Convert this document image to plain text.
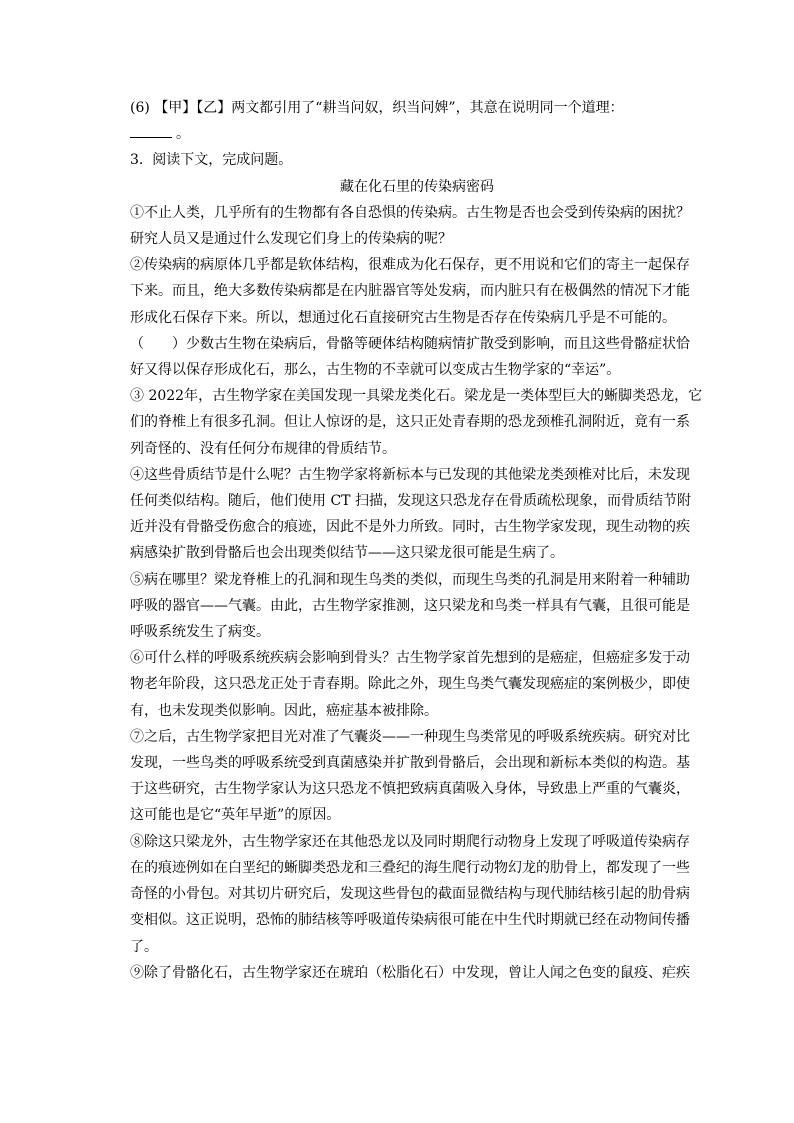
(6) 【甲】【乙】两文都引用了“耕当问奴，织当问婢”，其意在说明同一个道理：
。
3. 阅读下文，完成问题。
藏在化石里的传染病密码
①不止人类，几乎所有的生物都有各自恐惧的传染病。古生物是否也会受到传染病的困扰？
研究人员又是通过什么发现它们身上的传染病的呢？
②传染病的病原体几乎都是软体结构，很难成为化石保存，更不用说和它们的寄主一起保存
下来。而且，绝大多数传染病都是在内脏器官等处发病，而内脏只有在极偶然的情况下才能
形成化石保存下来。所以，想通过化石直接研究古生物是否存在传染病几乎是不可能的。
（　　）少数古生物在染病后，骨骼等硬体结构随病情扩散受到影响，而且这些骨骼症状恰
好又得以保存形成化石，那么，古生物的不幸就可以变成古生物学家的“幸运”。
③ 2022年，古生物学家在美国发现一具梁龙类化石。梁龙是一类体型巨大的蜥脚类恐龙，它
们的脊椎上有很多孔洞。但让人惊讶的是，这只正处青春期的恐龙颈椎孔洞附近，竟有一系
列奇怪的、没有任何分布规律的骨质结节。
④这些骨质结节是什么呢？古生物学家将新标本与已发现的其他梁龙类颈椎对比后，未发现
任何类似结构。随后，他们使用 CT 扫描，发现这只恐龙存在骨质疏松现象，而骨质结节附
近并没有骨骼受伤愈合的痕迹，因此不是外力所致。同时，古生物学家发现，现生动物的疾
病感染扩散到骨骼后也会出现类似结节——这只梁龙很可能是生病了。
⑤病在哪里？梁龙脊椎上的孔洞和现生鸟类的类似，而现生鸟类的孔洞是用来附着一种辅助
呼吸的器官——气囊。由此，古生物学家推测，这只梁龙和鸟类一样具有气囊，且很可能是
呼吸系统发生了病变。
⑥可什么样的呼吸系统疾病会影响到骨头？古生物学家首先想到的是癌症，但癌症多发于动
物老年阶段，这只恐龙正处于青春期。除此之外，现生鸟类气囊发现癌症的案例极少，即使
有，也未发现类似影响。因此，癌症基本被排除。
⑦之后，古生物学家把目光对准了气囊炎——一种现生鸟类常见的呼吸系统疾病。研究对比
发现，一些鸟类的呼吸系统受到真菌感染并扩散到骨骼后，会出现和新标本类似的构造。基
于这些研究，古生物学家认为这只恐龙不慎把致病真菌吸入身体，导致患上严重的气囊炎，
这可能也是它“英年早逝”的原因。
⑧除这只梁龙外，古生物学家还在其他恐龙以及同时期爬行动物身上发现了呼吸道传染病存
在的痕迹例如在白垩纪的蜥脚类恐龙和三叠纪的海生爬行动物幻龙的肋骨上，都发现了一些
奇怪的小骨包。对其切片研究后，发现这些骨包的截面显微结构与现代肺结核引起的肋骨病
变相似。这正说明，恐怖的肺结核等呼吸道传染病很可能在中生代时期就已经在动物间传播
了。
⑨除了骨骼化石，古生物学家还在琥珀（松脂化石）中发现，曾让人闻之色变的鼠疫、疟疾
